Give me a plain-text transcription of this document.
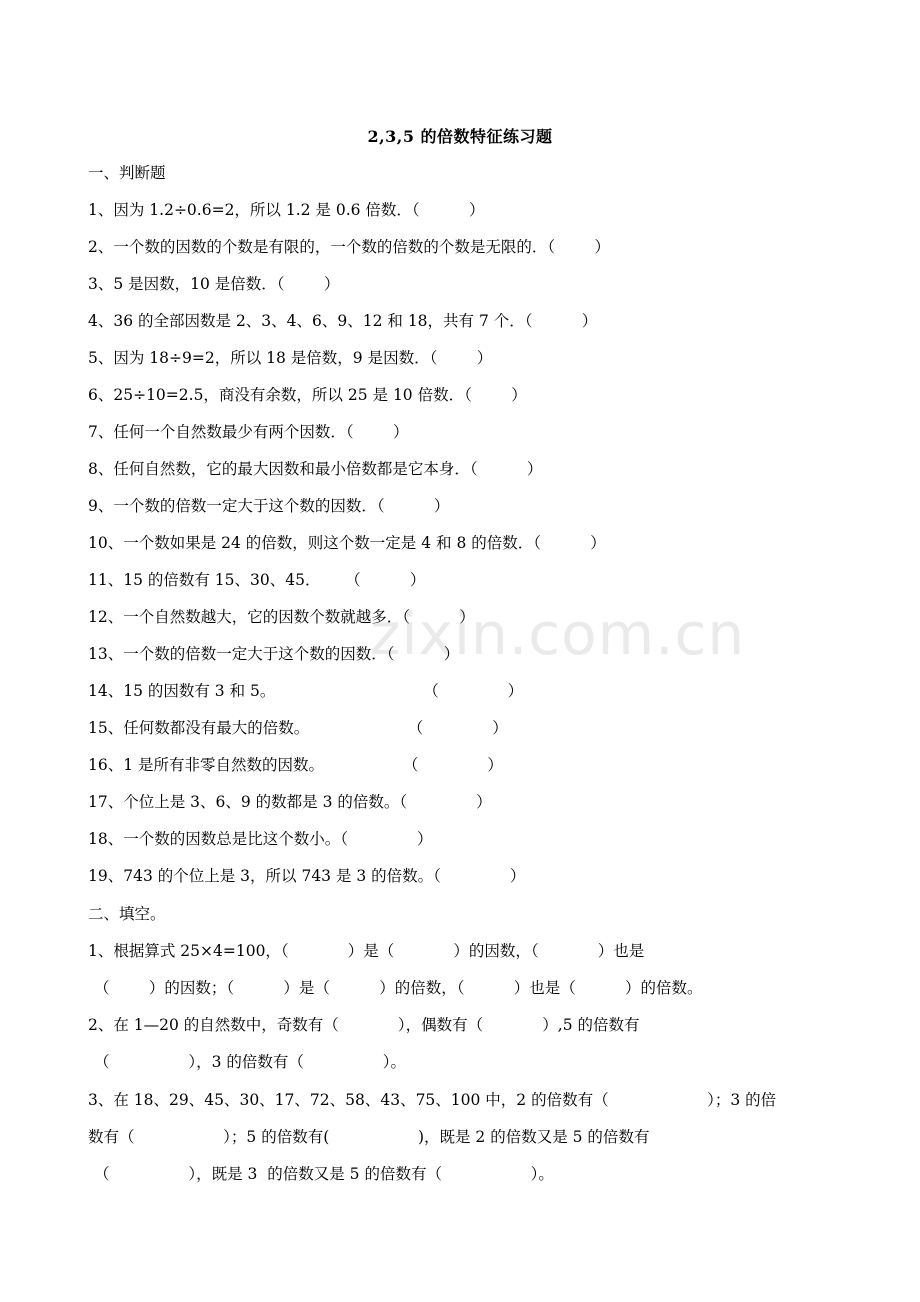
2,3,5 的倍数特征练习题
zixin.com.cn
一、判断题
1、因为 1.2÷0.6=2，所以 1.2 是 0.6 倍数．（          ）
2、一个数的因数的个数是有限的，一个数的倍数的个数是无限的．（        ）
3、5 是因数，10 是倍数．（        ）
4、36 的全部因数是 2、3、4、6、9、12 和 18，共有 7 个．（          ）
5、因为 18÷9=2，所以 18 是倍数，9 是因数．（        ）
6、25÷10=2.5，商没有余数，所以 25 是 10 倍数．（        ）
7、任何一个自然数最少有两个因数．（        ）
8、任何自然数，它的最大因数和最小倍数都是它本身．（          ）
9、一个数的倍数一定大于这个数的因数．（          ）
10、一个数如果是 24 的倍数，则这个数一定是 4 和 8 的倍数．（          ）
11、15 的倍数有 15、30、45．     （          ）
12、一个自然数越大，它的因数个数就越多．（          ）
13、一个数的倍数一定大于这个数的因数．（          ）
14、15 的因数有 3 和 5。                              （              ）
15、任何数都没有最大的倍数。                    （              ）
16、1 是所有非零自然数的因数。                （              ）
17、个位上是 3、6、9 的数都是 3 的倍数。（              ）
18、一个数的因数总是比这个数小。（              ）
19、743 的个位上是 3，所以 743 是 3 的倍数。（              ）
二、填空。
1、根据算式 25×4=100，（            ）是（            ）的因数，（            ）也是
（        ）的因数；（          ）是（          ）的倍数，（          ）也是（          ）的倍数。
2、在 1—20 的自然数中，奇数有（            ），偶数有（            ）,5 的倍数有
（                ），3 的倍数有（                ）。
3、在 18、29、45、30、17、72、58、43、75、100 中，2 的倍数有（                    ）；3 的倍
数有（                  ）；5 的倍数有(                  )，既是 2 的倍数又是 5 的倍数有
（                ），既是 3  的倍数又是 5 的倍数有（                  ）。
